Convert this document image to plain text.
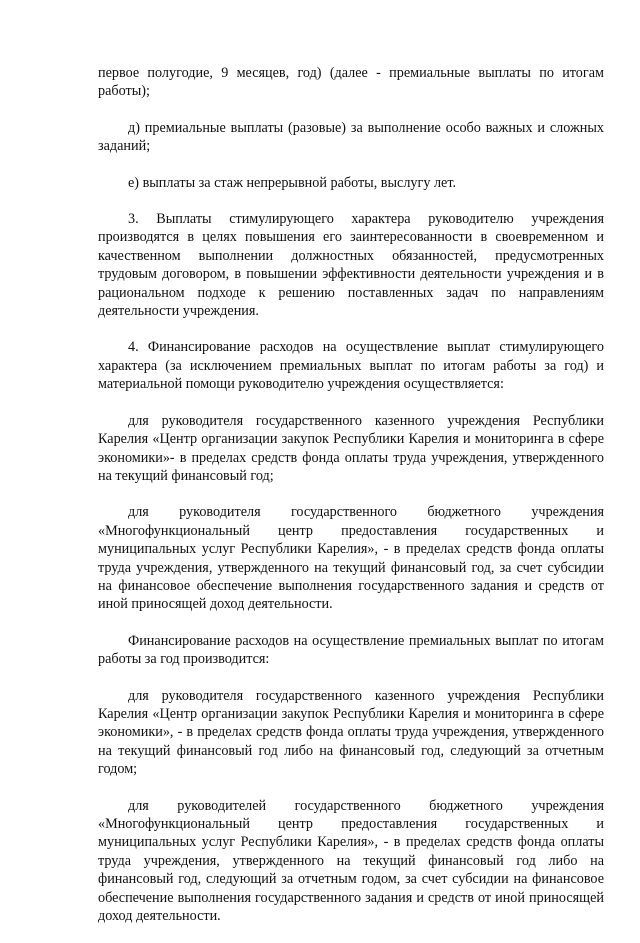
первое полугодие, 9 месяцев, год) (далее - премиальные выплаты по итогам работы);

д) премиальные выплаты (разовые) за выполнение особо важных и сложных заданий;

е) выплаты за стаж непрерывной работы, выслугу лет.

3. Выплаты стимулирующего характера руководителю учреждения производятся в целях повышения его заинтересованности в своевременном и качественном выполнении должностных обязанностей, предусмотренных трудовым договором, в повышении эффективности деятельности учреждения и в рациональном подходе к решению поставленных задач по направлениям деятельности учреждения.

4. Финансирование расходов на осуществление выплат стимулирующего характера (за исключением премиальных выплат по итогам работы за год) и материальной помощи руководителю учреждения осуществляется:

для руководителя государственного казенного учреждения Республики Карелия «Центр организации закупок Республики Карелия и мониторинга в сфере экономики»- в пределах средств фонда оплаты труда учреждения, утвержденного на текущий финансовый год;

для руководителя государственного бюджетного учреждения «Многофункциональный центр предоставления государственных и муниципальных услуг Республики Карелия», - в пределах средств фонда оплаты труда учреждения, утвержденного на текущий финансовый год, за счет субсидии на финансовое обеспечение выполнения государственного задания и средств от иной приносящей доход деятельности.

Финансирование расходов на осуществление премиальных выплат по итогам работы за год производится:

для руководителя государственного казенного учреждения Республики Карелия «Центр организации закупок Республики Карелия и мониторинга в сфере экономики», - в пределах средств фонда оплаты труда учреждения, утвержденного на текущий финансовый год либо на финансовый год, следующий за отчетным годом;

для руководителей государственного бюджетного учреждения «Многофункциональный центр предоставления государственных и муниципальных услуг Республики Карелия», - в пределах средств фонда оплаты труда учреждения, утвержденного на текущий финансовый год либо на финансовый год, следующий за отчетным годом, за счет субсидии на финансовое обеспечение выполнения государственного задания и средств от иной приносящей доход деятельности.
